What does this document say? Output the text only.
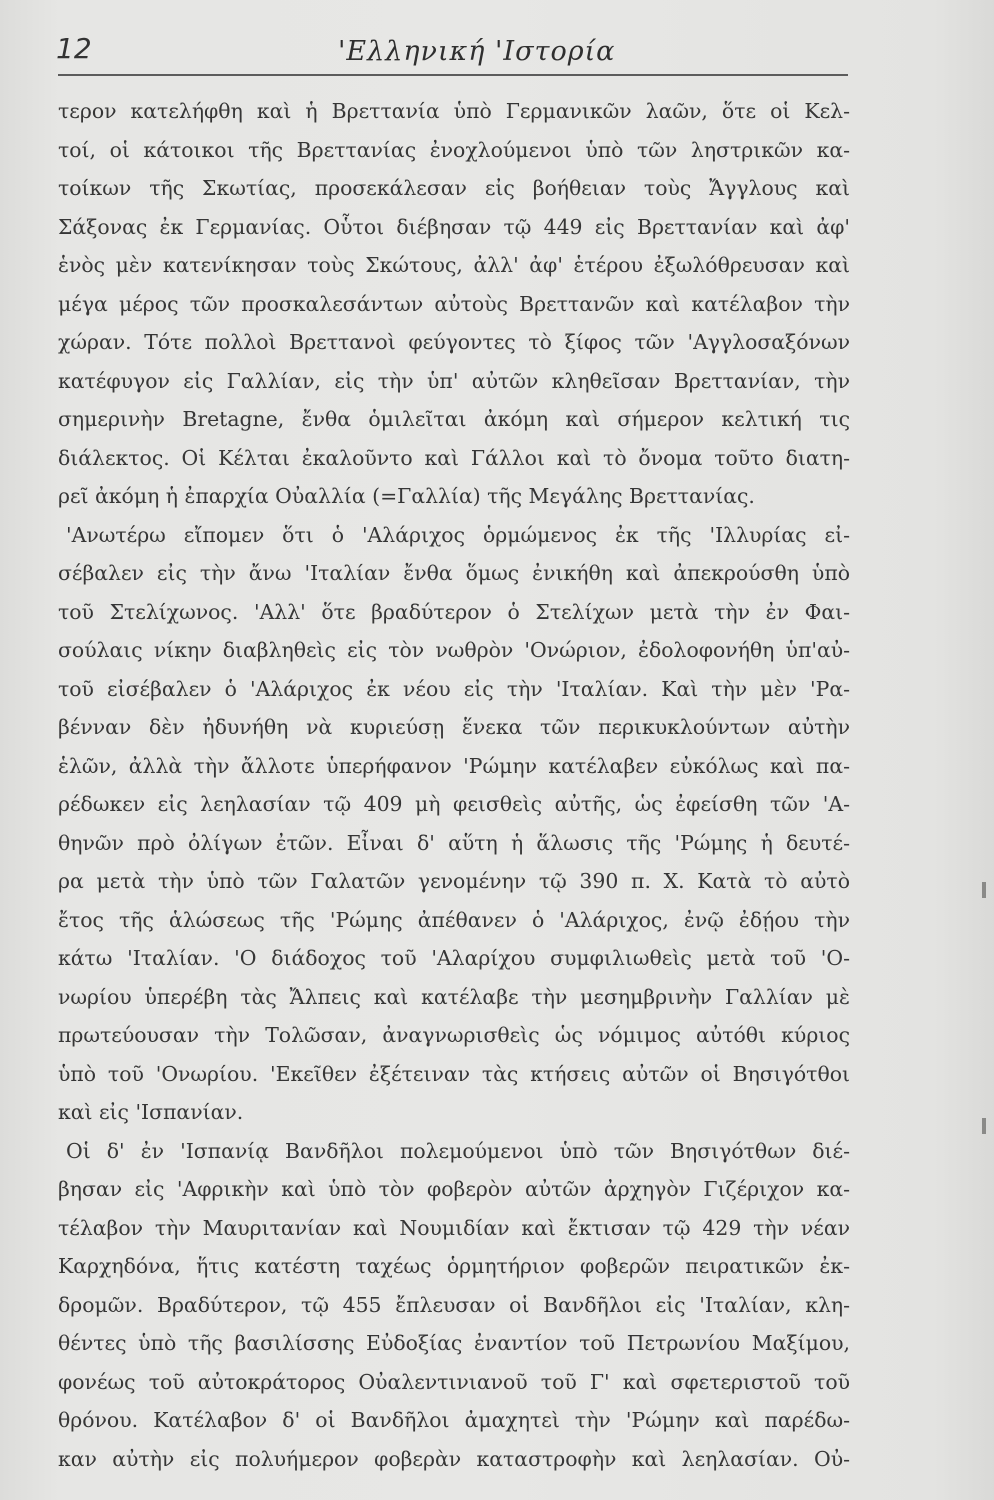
12	'Ελληνική 'Ιστορία
τερον κατελήφθη καὶ ἡ Βρεττανία ὑπὸ Γερμανικῶν λαῶν, ὅτε οἱ Κελ-
τοί, οἱ κάτοικοι τῆς Βρεττανίας ἐνοχλούμενοι ὑπὸ τῶν ληστρικῶν κα-
τοίκων τῆς Σκωτίας, προσεκάλεσαν εἰς βοήθειαν τοὺς Ἄγγλους καὶ
Σάξονας ἐκ Γερμανίας. Οὗτοι διέβησαν τῷ 449 εἰς Βρεττανίαν καὶ ἀφ'
ἑνὸς μὲν κατενίκησαν τοὺς Σκώτους, ἀλλ' ἀφ' ἑτέρου ἐξωλόθρευσαν καὶ
μέγα μέρος τῶν προσκαλεσάντων αὐτοὺς Βρεττανῶν καὶ κατέλαβον τὴν
χώραν. Τότε πολλοὶ Βρεττανοὶ φεύγοντες τὸ ξίφος τῶν 'Αγγλοσαξόνων
κατέφυγον εἰς Γαλλίαν, εἰς τὴν ὑπ' αὐτῶν κληθεῖσαν Βρεττανίαν, τὴν
σημερινὴν Bretagne, ἔνθα ὁμιλεῖται ἀκόμη καὶ σήμερον κελτική τις
διάλεκτος. Οἱ Κέλται ἐκαλοῦντο καὶ Γάλλοι καὶ τὸ ὄνομα τοῦτο διατη-
ρεῖ ἀκόμη ἡ ἐπαρχία Οὐαλλία (=Γαλλία) τῆς Μεγάλης Βρεττανίας.
'Ανωτέρω εἴπομεν ὅτι ὁ 'Αλάριχος ὁρμώμενος ἐκ τῆς 'Ιλλυρίας εἰ-
σέβαλεν εἰς τὴν ἄνω 'Ιταλίαν ἔνθα ὅμως ἐνικήθη καὶ ἀπεκρούσθη ὑπὸ
τοῦ Στελίχωνος. 'Αλλ' ὅτε βραδύτερον ὁ Στελίχων μετὰ τὴν ἐν Φαι-
σούλαις νίκην διαβληθεὶς εἰς τὸν νωθρὸν 'Ονώριον, ἐδολοφονήθη ὑπ'αὐ-
τοῦ εἰσέβαλεν ὁ 'Αλάριχος ἐκ νέου εἰς τὴν 'Ιταλίαν. Καὶ τὴν μὲν 'Ρα-
βένναν δὲν ἠδυνήθη νὰ κυριεύσῃ ἕνεκα τῶν περικυκλούντων αὐτὴν
ἑλῶν, ἀλλὰ τὴν ἄλλοτε ὑπερήφανον 'Ρώμην κατέλαβεν εὐκόλως καὶ πα-
ρέδωκεν εἰς λεηλασίαν τῷ 409 μὴ φεισθεὶς αὐτῆς, ὡς ἐφείσθη τῶν 'Α-
θηνῶν πρὸ ὀλίγων ἐτῶν. Εἶναι δ' αὕτη ἡ ἅλωσις τῆς 'Ρώμης ἡ δευτέ-
ρα μετὰ τὴν ὑπὸ τῶν Γαλατῶν γενομένην τῷ 390 π. Χ. Κατὰ τὸ αὐτὸ
ἔτος τῆς ἁλώσεως τῆς 'Ρώμης ἀπέθανεν ὁ 'Αλάριχος, ἐνῷ ἐδῄου τὴν
κάτω 'Ιταλίαν. 'Ο διάδοχος τοῦ 'Αλαρίχου συμφιλιωθεὶς μετὰ τοῦ 'Ο-
νωρίου ὑπερέβη τὰς Ἄλπεις καὶ κατέλαβε τὴν μεσημβρινὴν Γαλλίαν μὲ
πρωτεύουσαν τὴν Τολῶσαν, ἀναγνωρισθεὶς ὡς νόμιμος αὐτόθι κύριος
ὑπὸ τοῦ 'Ονωρίου. 'Εκεῖθεν ἐξέτειναν τὰς κτήσεις αὐτῶν οἱ Βησιγότθοι
καὶ εἰς 'Ισπανίαν.
Οἱ δ' ἐν 'Ισπανίᾳ Βανδῆλοι πολεμούμενοι ὑπὸ τῶν Βησιγότθων διέ-
βησαν εἰς 'Αφρικὴν καὶ ὑπὸ τὸν φοβερὸν αὐτῶν ἀρχηγὸν Γιζέριχον κα-
τέλαβον τὴν Μαυριτανίαν καὶ Νουμιδίαν καὶ ἔκτισαν τῷ 429 τὴν νέαν
Καρχηδόνα, ἥτις κατέστη ταχέως ὁρμητήριον φοβερῶν πειρατικῶν ἐκ-
δρομῶν. Βραδύτερον, τῷ 455 ἔπλευσαν οἱ Βανδῆλοι εἰς 'Ιταλίαν, κλη-
θέντες ὑπὸ τῆς βασιλίσσης Εὐδοξίας ἐναντίον τοῦ Πετρωνίου Μαξίμου,
φονέως τοῦ αὐτοκράτορος Οὐαλεντινιανοῦ τοῦ Γ' καὶ σφετεριστοῦ τοῦ
θρόνου. Κατέλαβον δ' οἱ Βανδῆλοι ἀμαχητεὶ τὴν 'Ρώμην καὶ παρέδω-
καν αὐτὴν εἰς πολυήμερον φοβερὰν καταστροφὴν καὶ λεηλασίαν. Οὐ-
